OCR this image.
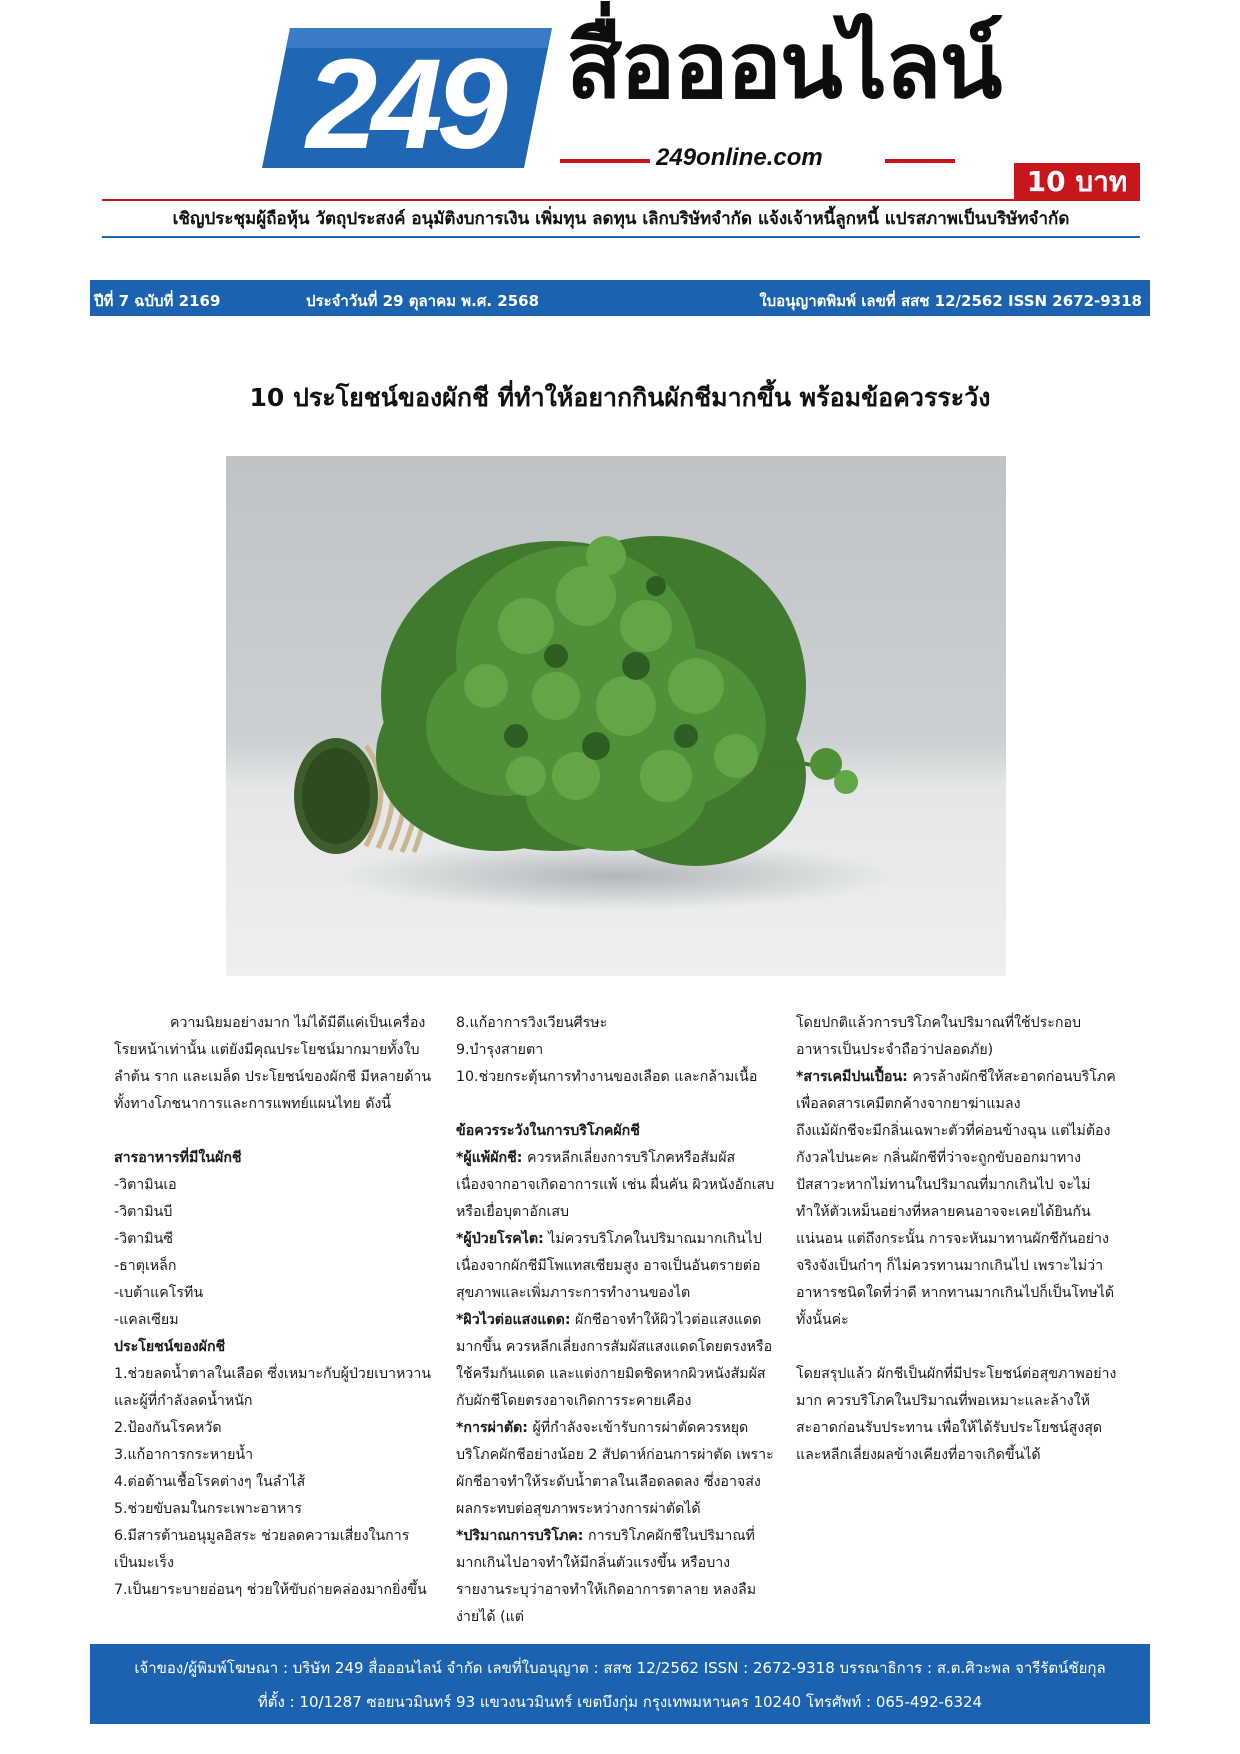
249 สื่อออนไลน์
249online.com
10 บาท
เชิญประชุมผู้ถือหุ้น วัตถุประสงค์ อนุมัติงบการเงิน เพิ่มทุน ลดทุน เลิกบริษัทจำกัด แจ้งเจ้าหนี้ลูกหนี้ แปรสภาพเป็นบริษัทจำกัด
ปีที่ 7 ฉบับที่ 2169	ประจำวันที่ 29 ตุลาคม พ.ศ. 2568	ใบอนุญาตพิมพ์ เลขที่ สสช 12/2562 ISSN 2672-9318
10 ประโยชน์ของผักชี ที่ทำให้อยากกินผักชีมากขึ้น พร้อมข้อควรระวัง

ความนิยมอย่างมาก ไม่ได้มีดีแค่เป็นเครื่องโรยหน้าเท่านั้น แต่ยังมีคุณประโยชน์มากมายทั้งใบ ลำต้น ราก และเมล็ด ประโยชน์ของผักชี มีหลายด้าน ทั้งทางโภชนาการและการแพทย์แผนไทย ดังนี้

สารอาหารที่มีในผักชี

-วิตามินเอ

-วิตามินบี

-วิตามินซี

-ธาตุเหล็ก

-เบต้าแคโรทีน

-แคลเซียม

ประโยชน์ของผักชี

1.ช่วยลดน้ำตาลในเลือด ซึ่งเหมาะกับผู้ป่วยเบาหวานและผู้ที่กำลังลดน้ำหนัก

2.ป้องกันโรคหวัด

3.แก้อาการกระหายน้ำ

4.ต่อต้านเชื้อโรคต่างๆ ในลำไส้

5.ช่วยขับลมในกระเพาะอาหาร

6.มีสารต้านอนุมูลอิสระ ช่วยลดความเสี่ยงในการเป็นมะเร็ง

7.เป็นยาระบายอ่อนๆ ช่วยให้ขับถ่ายคล่องมากยิ่งขึ้น

8.แก้อาการวิงเวียนศีรษะ

9.บำรุงสายตา

10.ช่วยกระตุ้นการทำงานของเลือด และกล้ามเนื้อ

ข้อควรระวังในการบริโภคผักชี

*ผู้แพ้ผักชี: ควรหลีกเลี่ยงการบริโภคหรือสัมผัส เนื่องจากอาจเกิดอาการแพ้ เช่น ผื่นคัน ผิวหนังอักเสบ หรือเยื่อบุตาอักเสบ

*ผู้ป่วยโรคไต: ไม่ควรบริโภคในปริมาณมากเกินไป เนื่องจากผักชีมีโพแทสเซียมสูง อาจเป็นอันตรายต่อสุขภาพและเพิ่มภาระการทำงานของไต

*ผิวไวต่อแสงแดด: ผักชีอาจทำให้ผิวไวต่อแสงแดดมากขึ้น ควรหลีกเลี่ยงการสัมผัสแสงแดดโดยตรงหรือใช้ครีมกันแดด และแต่งกายมิดชิดหากผิวหนังสัมผัสกับผักชีโดยตรงอาจเกิดการระคายเคือง

*การผ่าตัด: ผู้ที่กำลังจะเข้ารับการผ่าตัดควรหยุดบริโภคผักชีอย่างน้อย 2 สัปดาห์ก่อนการผ่าตัด เพราะผักชีอาจทำให้ระดับน้ำตาลในเลือดลดลง ซึ่งอาจส่งผลกระทบต่อสุขภาพระหว่างการผ่าตัดได้

*ปริมาณการบริโภค: การบริโภคผักชีในปริมาณที่มากเกินไปอาจทำให้มีกลิ่นตัวแรงขึ้น หรือบางรายงานระบุว่าอาจทำให้เกิดอาการตาลาย หลงลืมง่ายได้ (แต่

โดยปกติแล้วการบริโภคในปริมาณที่ใช้ประกอบอาหารเป็นประจำถือว่าปลอดภัย)

*สารเคมีปนเปื้อน: ควรล้างผักชีให้สะอาดก่อนบริโภค เพื่อลดสารเคมีตกค้างจากยาฆ่าแมลง

ถึงแม้ผักชีจะมีกลิ่นเฉพาะตัวที่ค่อนข้างฉุน แต่ไม่ต้องกังวลไปนะคะ กลิ่นผักชีที่ว่าจะถูกขับออกมาทางปัสสาวะหากไม่ทานในปริมาณที่มากเกินไป จะไม่ทำให้ตัวเหม็นอย่างที่หลายคนอาจจะเคยได้ยินกันแน่นอน แต่ถึงกระนั้น การจะหันมาทานผักชีกันอย่างจริงจังเป็นก๋าๆ ก็ไม่ควรทานมากเกินไป เพราะไม่ว่าอาหารชนิดใดที่ว่าดี หากทานมากเกินไปก็เป็นโทษได้ทั้งนั้นค่ะ

โดยสรุปแล้ว ผักชีเป็นผักที่มีประโยชน์ต่อสุขภาพอย่างมาก ควรบริโภคในปริมาณที่พอเหมาะและล้างให้สะอาดก่อนรับประทาน เพื่อให้ได้รับประโยชน์สูงสุดและหลีกเลี่ยงผลข้างเคียงที่อาจเกิดขึ้นได้

เจ้าของ/ผู้พิมพ์โฆษณา : บริษัท 249 สื่อออนไลน์ จำกัด เลขที่ใบอนุญาต : สสช 12/2562 ISSN : 2672-9318 บรรณาธิการ : ส.ต.ศิวะพล จารีรัตน์ชัยกุล
ที่ตั้ง : 10/1287 ซอยนวมินทร์ 93 แขวงนวมินทร์ เขตบึงกุ่ม กรุงเทพมหานคร 10240 โทรศัพท์ : 065-492-6324
